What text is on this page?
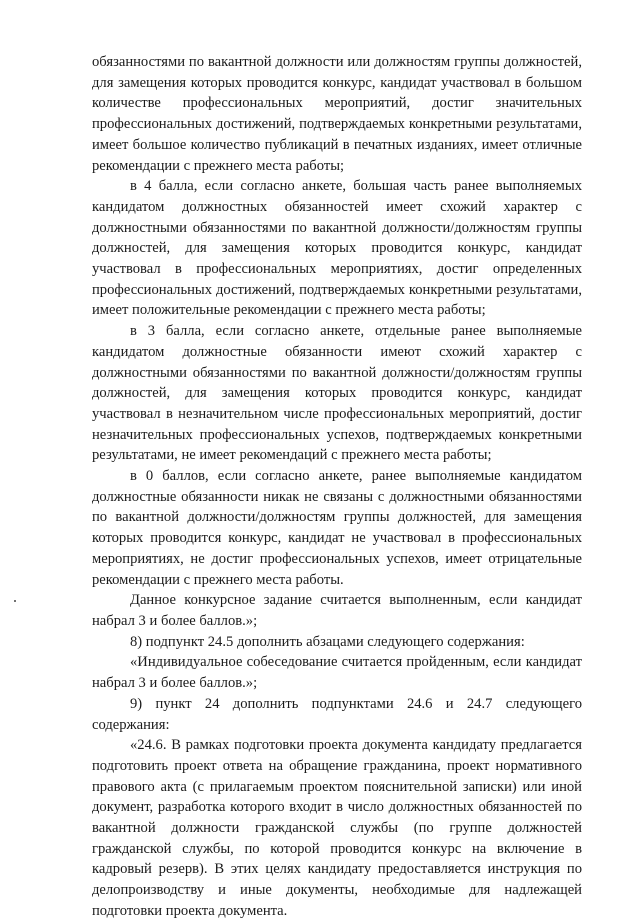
обязанностями по вакантной должности или должностям группы должностей, для замещения которых проводится конкурс, кандидат участвовал в большом количестве профессиональных мероприятий, достиг значительных профессиональных достижений, подтверждаемых конкретными результатами, имеет большое количество публикаций в печатных изданиях, имеет отличные рекомендации с прежнего места работы;

в 4 балла, если согласно анкете, большая часть ранее выполняемых кандидатом должностных обязанностей имеет схожий характер с должностными обязанностями по вакантной должности/должностям группы должностей, для замещения которых проводится конкурс, кандидат участвовал в профессиональных мероприятиях, достиг определенных профессиональных достижений, подтверждаемых конкретными результатами, имеет положительные рекомендации с прежнего места работы;

в 3 балла, если согласно анкете, отдельные ранее выполняемые кандидатом должностные обязанности имеют схожий характер с должностными обязанностями по вакантной должности/должностям группы должностей, для замещения которых проводится конкурс, кандидат участвовал в незначительном числе профессиональных мероприятий, достиг незначительных профессиональных успехов, подтверждаемых конкретными результатами, не имеет рекомендаций с прежнего места работы;

в 0 баллов, если согласно анкете, ранее выполняемые кандидатом должностные обязанности никак не связаны с должностными обязанностями по вакантной должности/должностям группы должностей, для замещения которых проводится конкурс, кандидат не участвовал в профессиональных мероприятиях, не достиг профессиональных успехов, имеет отрицательные рекомендации с прежнего места работы.

Данное конкурсное задание считается выполненным, если кандидат набрал 3 и более баллов.»;

8) подпункт 24.5 дополнить абзацами следующего содержания:

«Индивидуальное собеседование считается пройденным, если кандидат набрал 3 и более баллов.»;

9) пункт 24 дополнить подпунктами 24.6 и 24.7 следующего содержания:

«24.6. В рамках подготовки проекта документа кандидату предлагается подготовить проект ответа на обращение гражданина, проект нормативного правового акта (с прилагаемым проектом пояснительной записки) или иной документ, разработка которого входит в число должностных обязанностей по вакантной должности гражданской службы (по группе должностей гражданской службы, по которой проводится конкурс на включение в кадровый резерв). В этих целях кандидату предоставляется инструкция по делопроизводству и иные документы, необходимые для надлежащей подготовки проекта документа.
